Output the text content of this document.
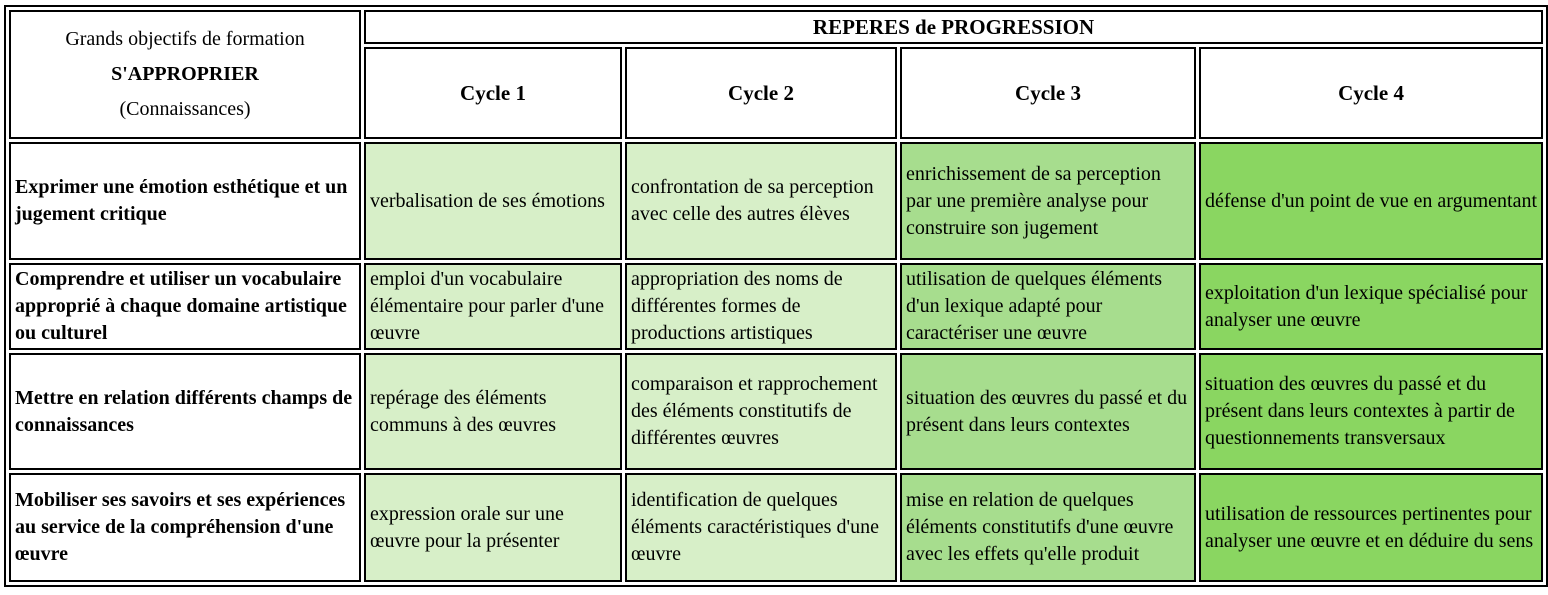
Grands objectifs de formation
S'APPROPRIER
(Connaissances)	REPERES de PROGRESSION			
	Cycle 1	Cycle 2	Cycle 3	Cycle 4
Exprimer une émotion esthétique et un jugement critique	verbalisation de ses émotions	confrontation de sa perception avec celle des autres élèves	enrichissement de sa perception par une première analyse pour construire son jugement	défense d'un point de vue en argumentant
Comprendre et utiliser un vocabulaire approprié à chaque domaine artistique ou culturel	emploi d'un vocabulaire élémentaire pour parler d'une œuvre	appropriation des noms de différentes formes de productions artistiques	utilisation de quelques éléments d'un lexique adapté pour caractériser une œuvre	exploitation d'un lexique spécialisé pour analyser une œuvre
Mettre en relation différents champs de connaissances	repérage des éléments communs à des œuvres	comparaison et rapprochement des éléments constitutifs de différentes œuvres	situation des œuvres du passé et du présent dans leurs contextes	situation des œuvres du passé et du présent dans leurs contextes à partir de questionnements transversaux
Mobiliser ses savoirs et ses expériences au service de la compréhension d'une œuvre	expression orale sur une œuvre pour la présenter	identification de quelques éléments caractéristiques d'une œuvre	mise en relation de quelques éléments constitutifs d'une œuvre avec les effets qu'elle produit	utilisation de ressources pertinentes pour analyser une œuvre et en déduire du sens
